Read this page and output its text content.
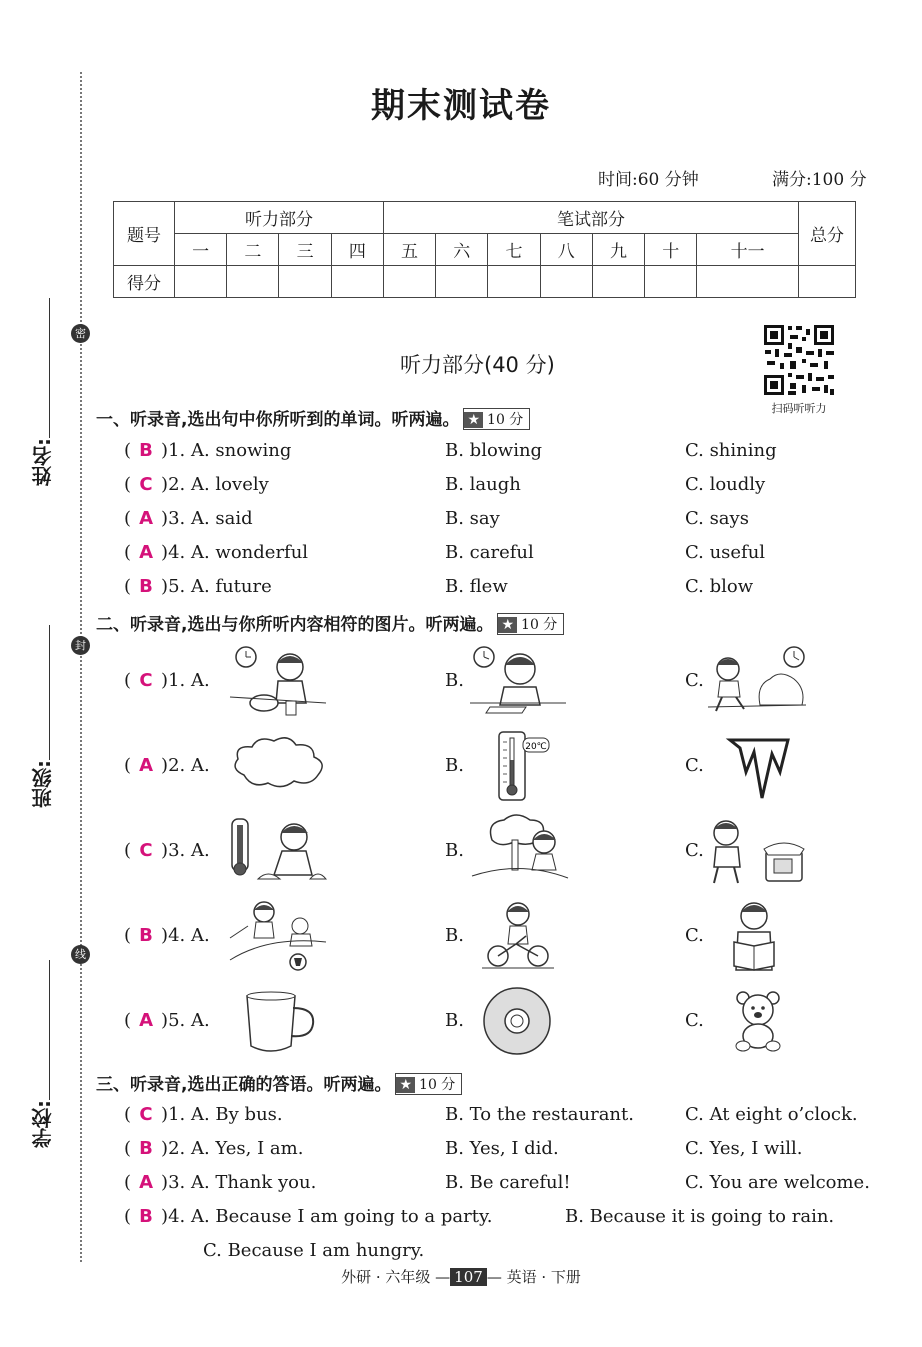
密
封
线
姓名:
班级:
学校:
期末测试卷
时间:60 分钟	满分:100 分
题号	听力部分				笔试部分							总分
	一	二	三	四	五	六	七	八	九	十	十一	
得分												
听力部分(40 分)
扫码听听力
一、听录音,选出句中你所听到的单词。听两遍。 ★ 10 分
( B )1. A. snowing	B. blowing	C. shining
( C )2. A. lovely	B. laugh	C. loudly
( A )3. A. said	B. say	C. says
( A )4. A. wonderful	B. careful	C. useful
( B )5. A. future	B. flew	C. blow
二、听录音,选出与你所听内容相符的图片。听两遍。 ★ 10 分
( C )1. A.	B.	C.
( A )2. A.	B.	C.
( C )3. A.	B.	C.
( B )4. A.	B.	C.
( A )5. A.	B.	C.
20℃
三、听录音,选出正确的答语。听两遍。 ★ 10 分
( C )1. A. By bus.	B. To the restaurant.	C. At eight o’clock.
( B )2. A. Yes, I am.	B. Yes, I did.	C. Yes, I will.
( A )3. A. Thank you.	B. Be careful!	C. You are welcome.
( B )4. A. Because I am going to a party.	B. Because it is going to rain.
C. Because I am hungry.
外研 · 六年级 — 107 — 英语 · 下册
